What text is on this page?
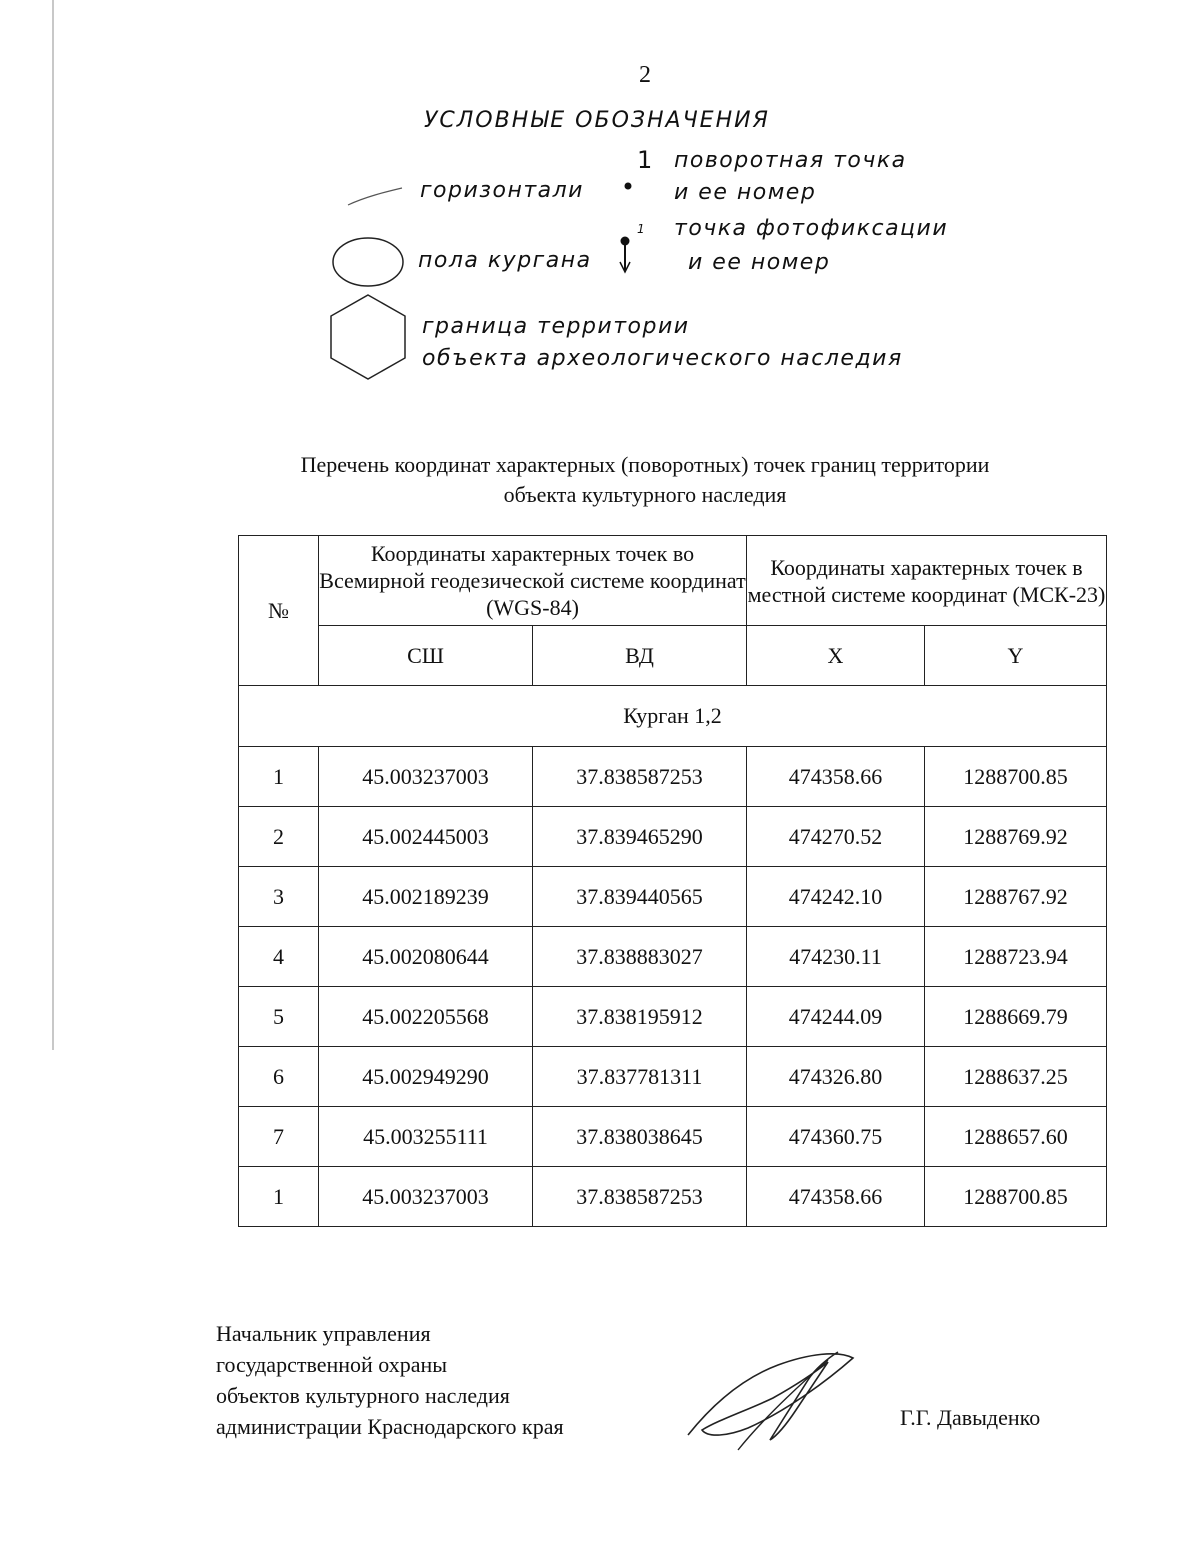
2
УСЛОВНЫЕ ОБОЗНАЧЕНИЯ
1 поворотная точка
и ее номер
горизонтали
1 точка фотофиксации
и ее номер
пола кургана
граница территории
объекта археологического наследия
Перечень координат характерных (поворотных) точек границ территории
объекта культурного наследия
№	Координаты характерных точек во Всемирной геодезической системе координат (WGS-84)		Координаты характерных точек в местной системе координат (МСК-23)	
	СШ	ВД	X	Y
Курган 1,2				
1	45.003237003	37.838587253	474358.66	1288700.85
2	45.002445003	37.839465290	474270.52	1288769.92
3	45.002189239	37.839440565	474242.10	1288767.92
4	45.002080644	37.838883027	474230.11	1288723.94
5	45.002205568	37.838195912	474244.09	1288669.79
6	45.002949290	37.837781311	474326.80	1288637.25
7	45.003255111	37.838038645	474360.75	1288657.60
1	45.003237003	37.838587253	474358.66	1288700.85
Начальник управления
государственной охраны
объектов культурного наследия
администрации Краснодарского края	Г.Г. Давыденко
